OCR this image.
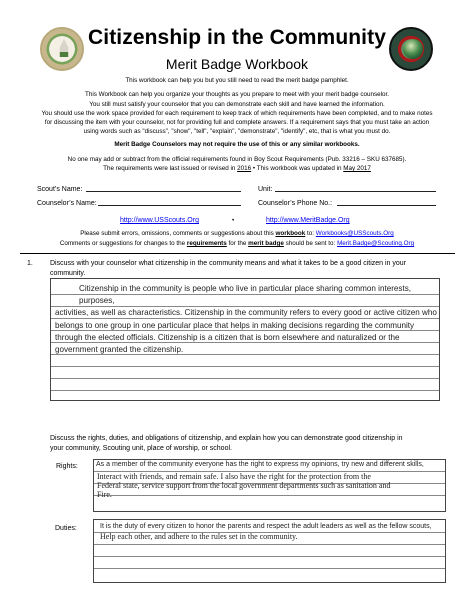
Citizenship in the Community
Merit Badge Workbook
This workbook can help you but you still need to read the merit badge pamphlet.
This Workbook can help you organize your thoughts as you prepare to meet with your merit badge counselor.
You still must satisfy your counselor that you can demonstrate each skill and have learned the information.
You should use the work space provided for each requirement to keep track of which requirements have been completed, and to make notes
for discussing the item with your counselor, not for providing full and complete answers. If a requirement says that you must take an action
using words such as "discuss", "show", "tell", "explain", "demonstrate", "identify", etc, that is what you must do.
Merit Badge Counselors may not require the use of this or any similar workbooks.
No one may add or subtract from the official requirements found in Boy Scout Requirements (Pub. 33216 – SKU 637685).
The requirements were last issued or revised in 2016 • This workbook was updated in May 2017
Scout’s Name:	Unit:
Counselor’s Name:	Counselor’s Phone No.:
http://www.USScouts.Org	•	http://www.MeritBadge.Org
Please submit errors, omissions, comments or suggestions about this workbook to: Workbooks@USScouts.Org
Comments or suggestions for changes to the requirements for the merit badge should be sent to: Merit.Badge@Scouting.Org
1. Discuss with your counselor what citizenship in the community means and what it takes to be a good citizen in your
community.
Citizenship in the community is people who live in particular place sharing common interests, purposes,
activities, as well as characteristics. Citizenship in the community refers to every good or active citizen who
belongs to one group in one particular place that helps in making decisions regarding the community
through the elected officials. Citizenship is a citizen that is born elsewhere and naturalized or the
government granted the citizenship.
Discuss the rights, duties, and obligations of citizenship, and explain how you can demonstrate good citizenship in
your community, Scouting unit, place of worship, or school.
Rights:	As a member of the community everyone has the right to express my opinions, try new and different skills,
Interact with friends, and remain safe. I also have the right for the protection from the
Federal state, service support from the local government departments such as sanitation and
Fire.
Duties:	It is the duty of every citizen to honor the parents and respect the adult leaders as well as the fellow scouts,
Help each other, and adhere to the rules set in the community.
